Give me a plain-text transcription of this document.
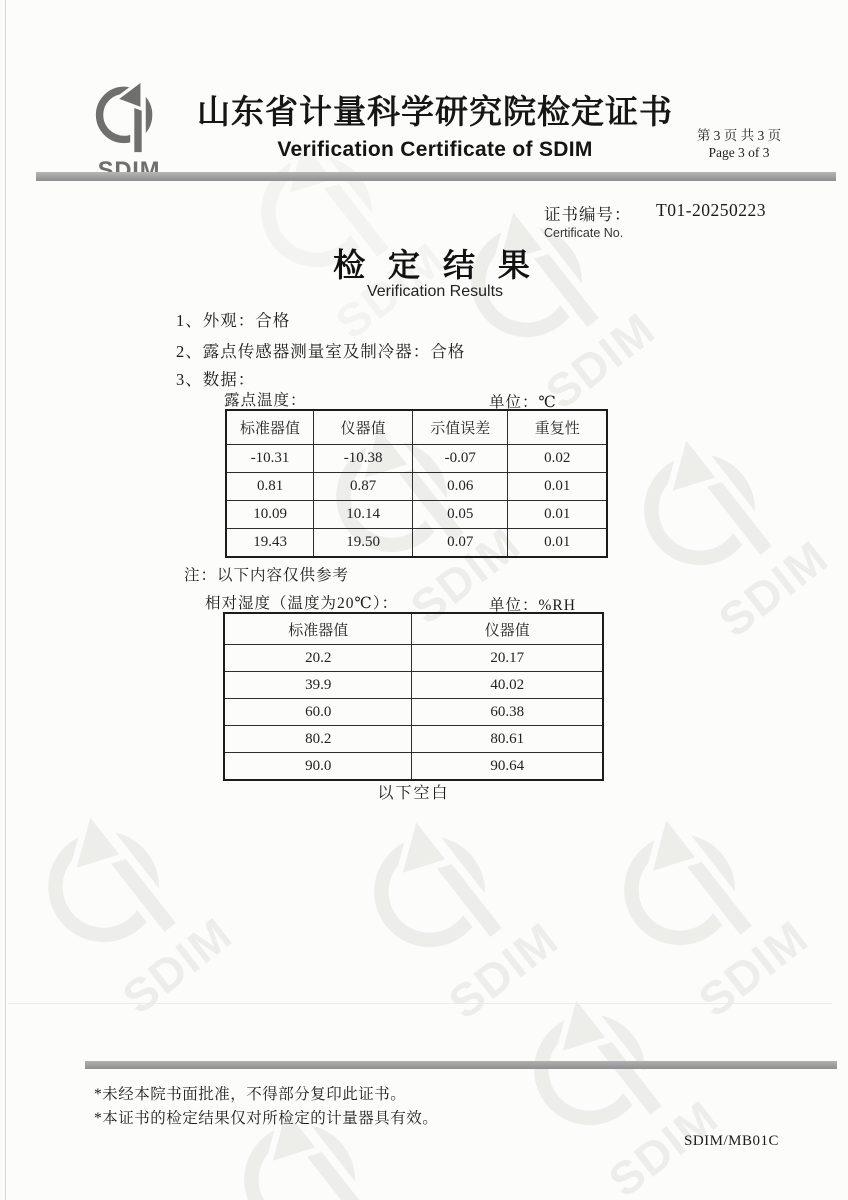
山东省计量科学研究院检定证书
Verification Certificate of SDIM
第 3 页 共 3 页
Page 3 of 3
证书编号： T01-20250223
Certificate No.
检 定 结 果
Verification Results
1、外观：合格
2、露点传感器测量室及制冷器：合格
3、数据：
露点温度：	单位：℃
标准器值	仪器值	示值误差	重复性
-10.31	-10.38	-0.07	0.02
0.81	0.87	0.06	0.01
10.09	10.14	0.05	0.01
19.43	19.50	0.07	0.01
注：以下内容仅供参考
相对湿度（温度为20℃）：	单位：%RH
标准器值	仪器值
20.2	20.17
39.9	40.02
60.0	60.38
80.2	80.61
90.0	90.64
以下空白
*未经本院书面批准，不得部分复印此证书。
*本证书的检定结果仅对所检定的计量器具有效。
SDIM/MB01C
